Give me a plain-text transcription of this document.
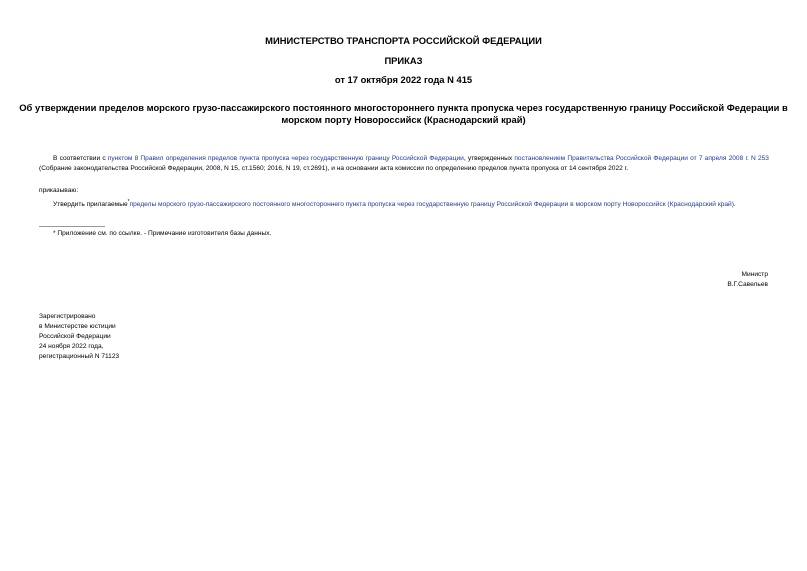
МИНИСТЕРСТВО ТРАНСПОРТА РОССИЙСКОЙ ФЕДЕРАЦИИ
ПРИКАЗ
от 17 октября 2022 года N 415
Об утверждении пределов морского грузо-пассажирского постоянного многостороннего пункта пропуска через государственную границу Российской Федерации в
морском порту Новороссийск (Краснодарский край)
В соответствии с пунктом 8 Правил определения пределов пункта пропуска через государственную границу Российской Федерации, утвержденных постановлением Правительства Российской Федерации от 7 апреля 2008 г. N 253 (Собрание законодательства Российской Федерации, 2008, N 15, ст.1560; 2016, N 19, ст.2691), и на основании акта комиссии по определению пределов пункта пропуска от 14 сентября 2022 г.
приказываю:
Утвердить прилагаемые*пределы морского грузо-пассажирского постоянного многостороннего пункта пропуска через государственную границу Российской Федерации в морском порту Новороссийск (Краснодарский край).
* Приложение см. по ссылке. - Примечание изготовителя базы данных.
Министр
В.Г.Савельев
Зарегистрировано
в Министерстве юстиции
Российской Федерации
24 ноября 2022 года,
регистрационный N 71123
